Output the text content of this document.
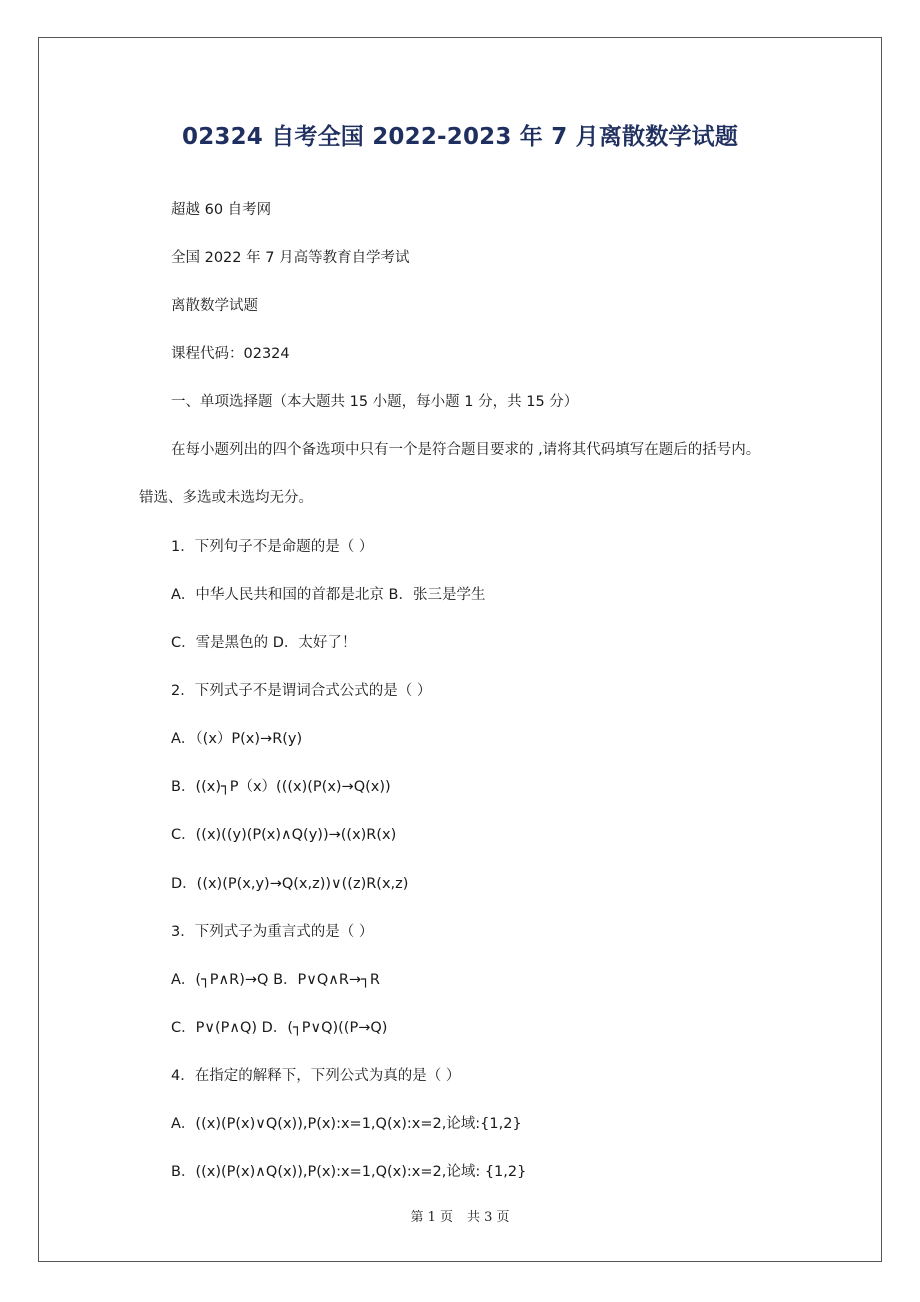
02324 自考全国 2022-2023 年 7 月离散数学试题
超越 60 自考网
全国 2022 年 7 月高等教育自学考试
离散数学试题
课程代码：02324
一、单项选择题（本大题共 15 小题，每小题 1 分，共 15 分）
在每小题列出的四个备选项中只有一个是符合题目要求的 ,请将其代码填写在题后的括号内。
错选、多选或未选均无分。
1．下列句子不是命题的是（ ）
A．中华人民共和国的首都是北京 B．张三是学生
C．雪是黑色的 D．太好了！
2．下列式子不是谓词合式公式的是（ ）
A．（(x）P(x)→R(y)
B．((x)┐P（x）(((x)(P(x)→Q(x))
C．((x)((y)(P(x)∧Q(y))→((x)R(x)
D．((x)(P(x,y)→Q(x,z))∨((z)R(x,z)
3．下列式子为重言式的是（ ）
A．(┐P∧R)→Q B．P∨Q∧R→┐R
C．P∨(P∧Q) D．(┐P∨Q)((P→Q)
4．在指定的解释下，下列公式为真的是（ ）
A．((x)(P(x)∨Q(x)),P(x):x=1,Q(x):x=2,论域:{1,2}
B．((x)(P(x)∧Q(x)),P(x):x=1,Q(x):x=2,论域: {1,2}
第 1 页 共 3 页
